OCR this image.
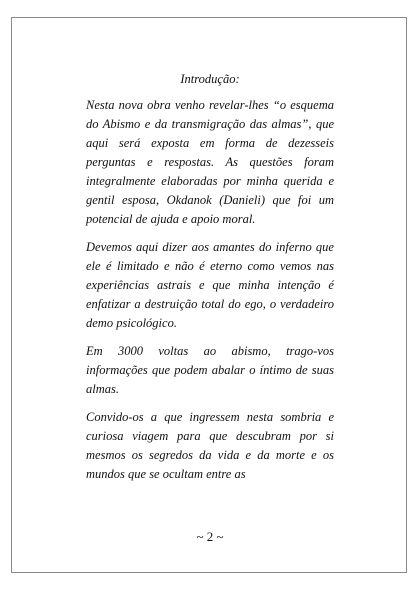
Introdução:

Nesta nova obra venho revelar-lhes “o esquema do Abismo e da transmigração das almas”, que aqui será exposta em forma de dezesseis perguntas e respostas. As questões foram integralmente elaboradas por minha querida e gentil esposa, Okdanok (Danieli) que foi um potencial de ajuda e apoio moral.

Devemos aqui dizer aos amantes do inferno que ele é limitado e não é eterno como vemos nas experiências astrais e que minha intenção é enfatizar a destruição total do ego, o verdadeiro demo psicológico.

Em 3000 voltas ao abismo, trago-vos informações que podem abalar o íntimo de suas almas.

Convido-os a que ingressem nesta sombria e curiosa viagem para que descubram por si mesmos os segredos da vida e da morte e os mundos que se ocultam entre as

~ 2 ~
